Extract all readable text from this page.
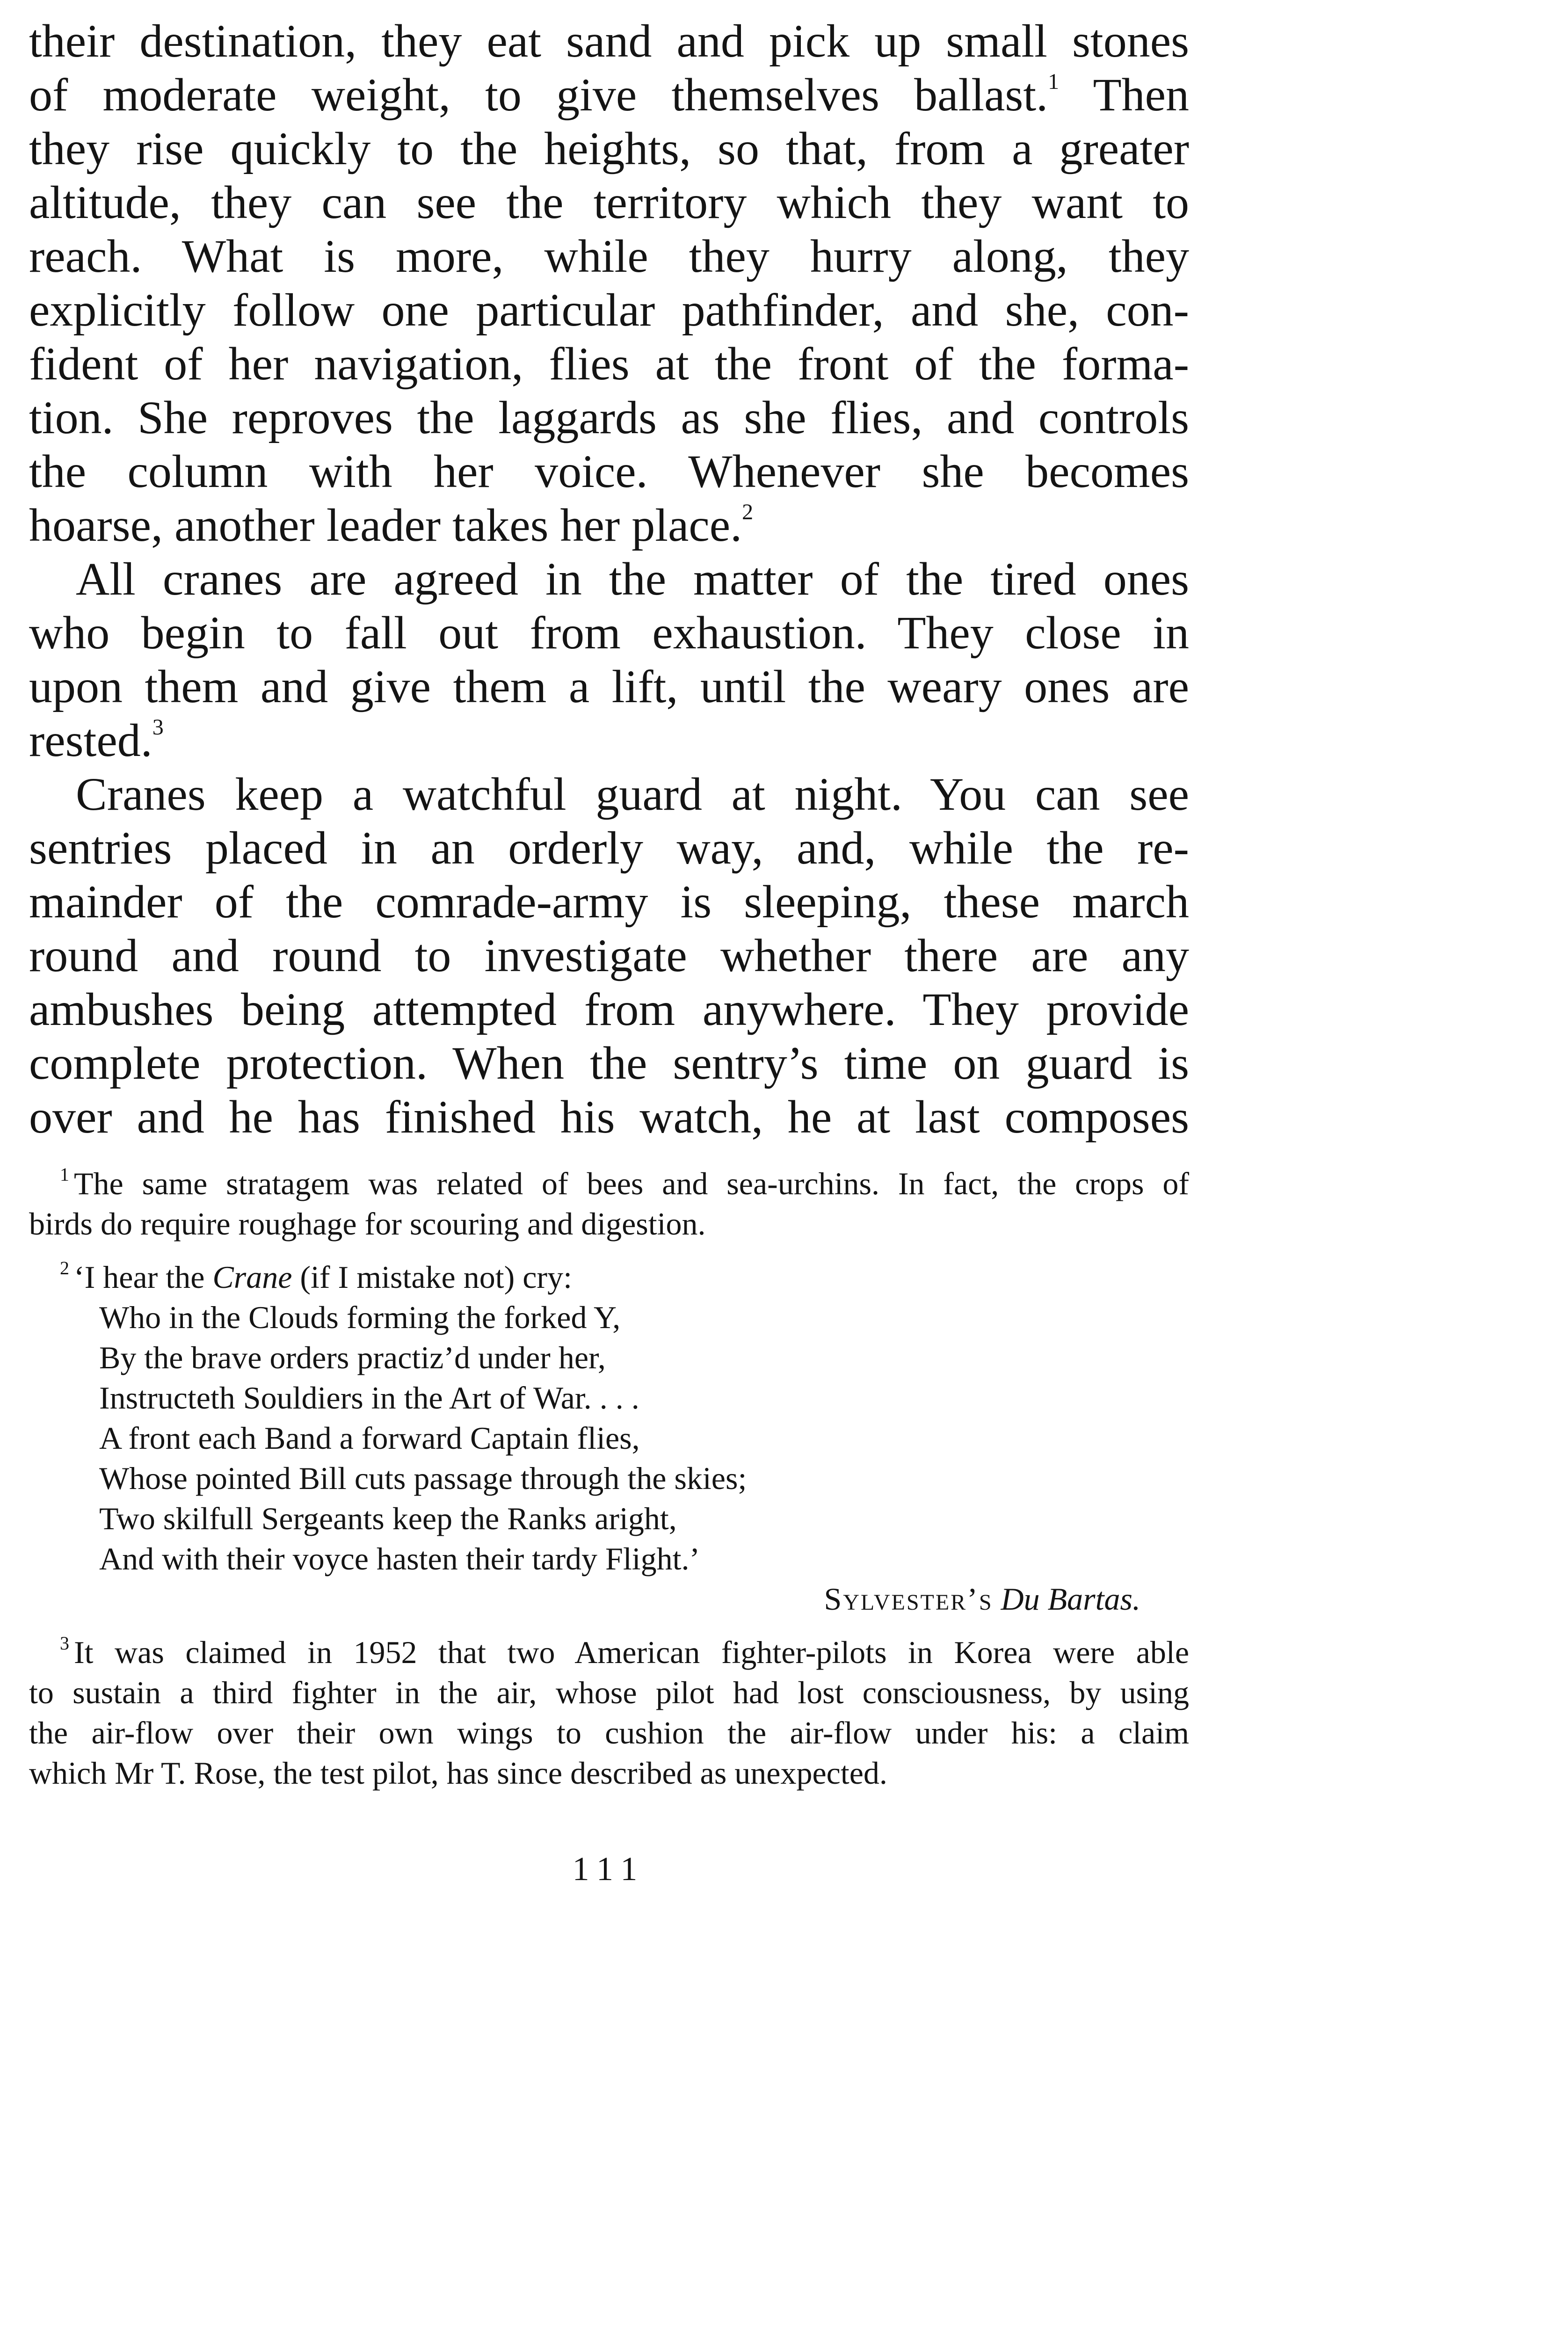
their destination, they eat sand and pick up small stones
of moderate weight, to give themselves ballast.$^1$ Then
they rise quickly to the heights, so that, from a greater
altitude, they can see the territory which they want to
reach. What is more, while they hurry along, they
explicitly follow one particular pathfinder, and she, con-
fident of her navigation, flies at the front of the forma-
tion. She reproves the laggards as she flies, and controls
the column with her voice. Whenever she becomes
hoarse, another leader takes her place.$^2$

All cranes are agreed in the matter of the tired ones
who begin to fall out from exhaustion. They close in
upon them and give them a lift, until the weary ones are
rested.$^3$

Cranes keep a watchful guard at night. You can see
sentries placed in an orderly way, and, while the re-
mainder of the comrade-army is sleeping, these march
round and round to investigate whether there are any
ambushes being attempted from anywhere. They provide
complete protection. When the sentry’s time on guard is
over and he has finished his watch, he at last composes

$^1$ The same stratagem was related of bees and sea-urchins. In fact, the crops of
birds do require roughage for scouring and digestion.
$^2$ ‘I hear the Crane (if I mistake not) cry:
Who in the Clouds forming the forked Y,
By the brave orders practiz’d under her,
Instructeth Souldiers in the Art of War. . . .
A front each Band a forward Captain flies,
Whose pointed Bill cuts passage through the skies;
Two skilfull Sergeants keep the Ranks aright,
And with their voyce hasten their tardy Flight.’
Sylvester’s Du Bartas.
$^3$ It was claimed in 1952 that two American fighter-pilots in Korea were able
to sustain a third fighter in the air, whose pilot had lost consciousness, by using
the air-flow over their own wings to cushion the air-flow under his: a claim
which Mr T. Rose, the test pilot, has since described as unexpected.
111
